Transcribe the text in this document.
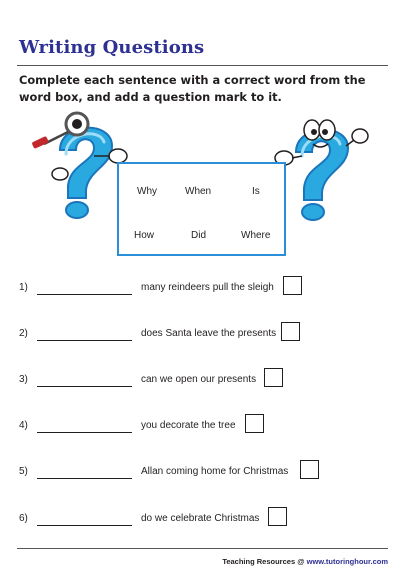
Writing Questions

Complete each sentence with a correct word from the word box, and add a question mark to it.

Why	When	Is
How	Did	Where
1)	many reindeers pull the sleigh
2)	does Santa leave the presents
3)	can we open our presents
4)	you decorate the tree
5)	Allan coming home for Christmas
6)	do we celebrate Christmas
Teaching Resources @ www.tutoringhour.com
